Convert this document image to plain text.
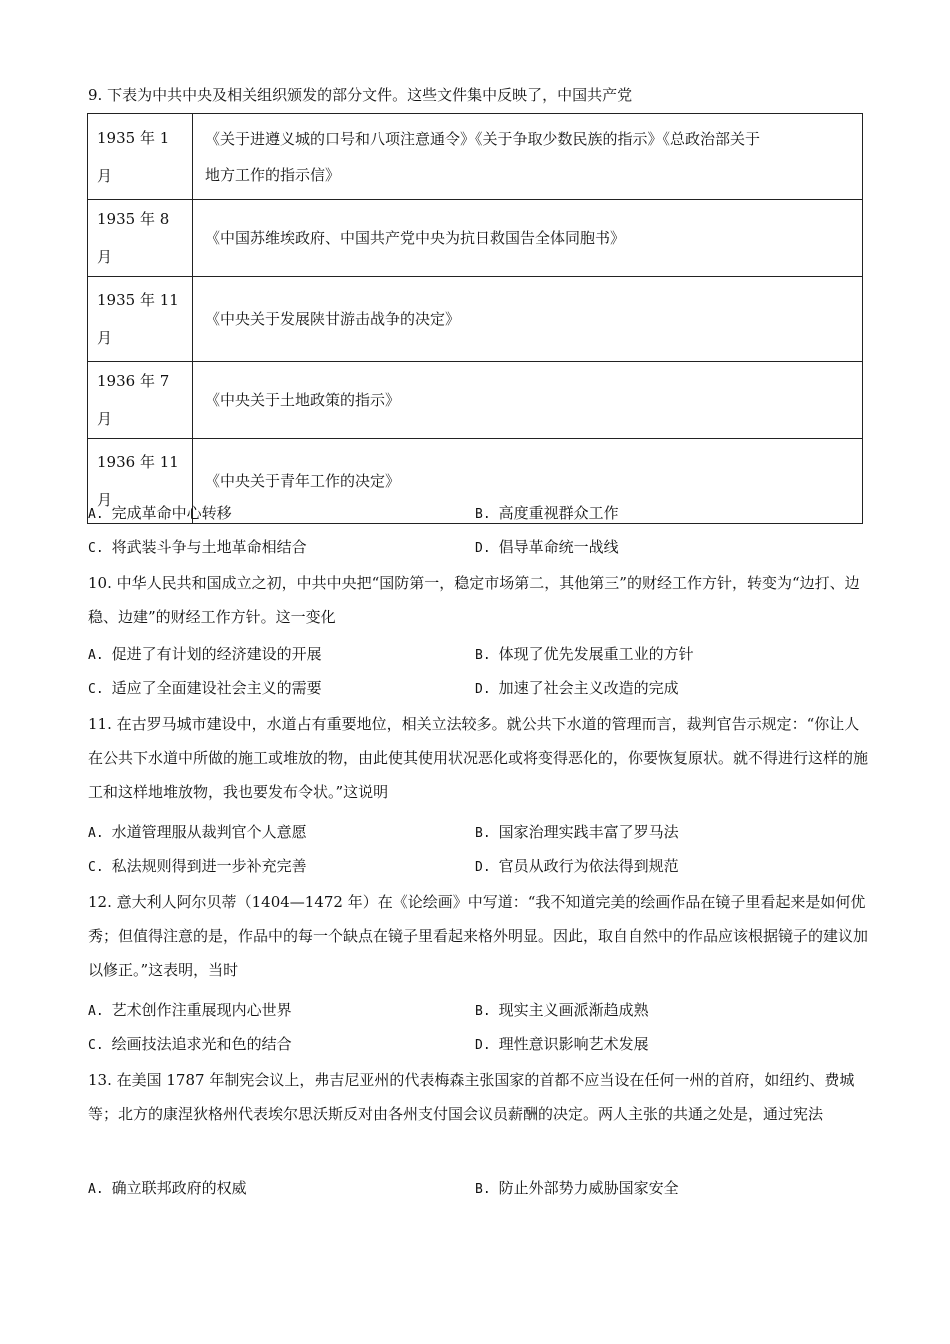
9. 下表为中共中央及相关组织颁发的部分文件。这些文件集中反映了，中国共产党
1935 年 1 月	《关于进遵义城的口号和八项注意通令》《关于争取少数民族的指示》《总政治部关于
地方工作的指示信》
1935 年 8 月	《中国苏维埃政府、中国共产党中央为抗日救国告全体同胞书》
1935 年 11
月	《中央关于发展陕甘游击战争的决定》
1936 年 7 月	《中央关于土地政策的指示》
1936 年 11
月	《中央关于青年工作的决定》
A. 完成革命中心转移	B. 高度重视群众工作
C. 将武装斗争与土地革命相结合	D. 倡导革命统一战线
10. 中华人民共和国成立之初，中共中央把“国防第一，稳定市场第二，其他第三”的财经工作方针，转变为“边打、边稳、边建”的财经工作方针。这一变化
A. 促进了有计划的经济建设的开展	B. 体现了优先发展重工业的方针
C. 适应了全面建设社会主义的需要	D. 加速了社会主义改造的完成
11. 在古罗马城市建设中，水道占有重要地位，相关立法较多。就公共下水道的管理而言，裁判官告示规定：“你让人在公共下水道中所做的施工或堆放的物，由此使其使用状况恶化或将变得恶化的，你要恢复原状。就不得进行这样的施工和这样地堆放物，我也要发布令状。”这说明
A. 水道管理服从裁判官个人意愿	B. 国家治理实践丰富了罗马法
C. 私法规则得到进一步补充完善	D. 官员从政行为依法得到规范
12. 意大利人阿尔贝蒂（1404—1472 年）在《论绘画》中写道：“我不知道完美的绘画作品在镜子里看起来是如何优秀；但值得注意的是，作品中的每一个缺点在镜子里看起来格外明显。因此，取自自然中的作品应该根据镜子的建议加以修正。”这表明，当时
A. 艺术创作注重展现内心世界	B. 现实主义画派渐趋成熟
C. 绘画技法追求光和色的结合	D. 理性意识影响艺术发展
13. 在美国 1787 年制宪会议上，弗吉尼亚州的代表梅森主张国家的首都不应当设在任何一州的首府，如纽约、费城等；北方的康涅狄格州代表埃尔思沃斯反对由各州支付国会议员薪酬的决定。两人主张的共通之处是，通过宪法
A. 确立联邦政府的权威	B. 防止外部势力威胁国家安全
